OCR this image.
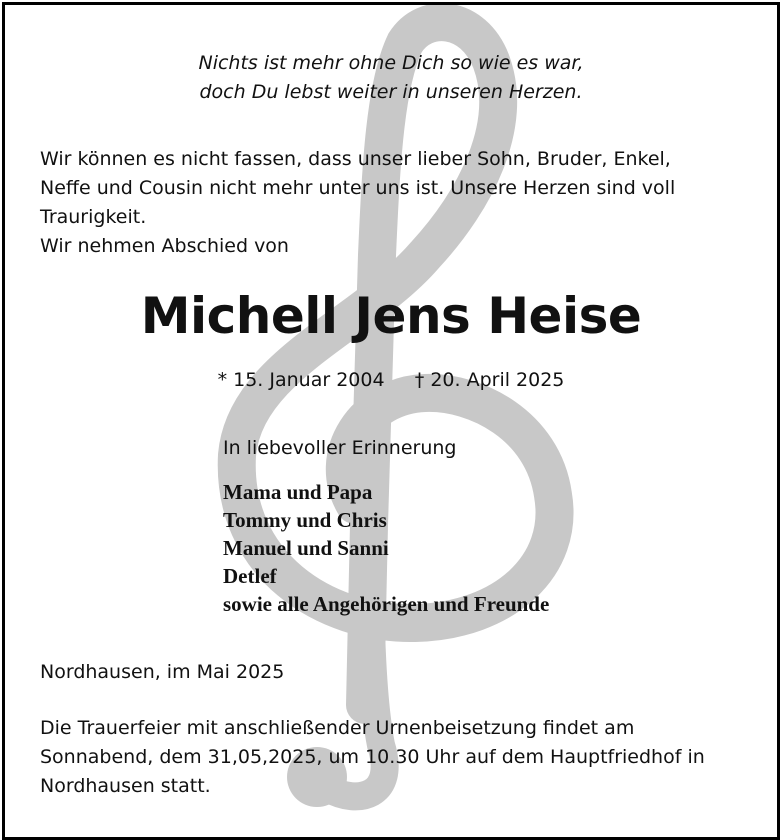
Nichts ist mehr ohne Dich so wie es war,
doch Du lebst weiter in unseren Herzen.
Wir können es nicht fassen, dass unser lieber Sohn, Bruder, Enkel,
Neffe und Cousin nicht mehr unter uns ist. Unsere Herzen sind voll
Traurigkeit.
Wir nehmen Abschied von
Michell Jens Heise
* 15. Januar 2004 † 20. April 2025
In liebevoller Erinnerung
Mama und Papa
Tommy und Chris
Manuel und Sanni
Detlef
sowie alle Angehörigen und Freunde
Nordhausen, im Mai 2025
Die Trauerfeier mit anschließender Urnenbeisetzung findet am
Sonnabend, dem 31,05,2025, um 10.30 Uhr auf dem Hauptfriedhof in
Nordhausen statt.
